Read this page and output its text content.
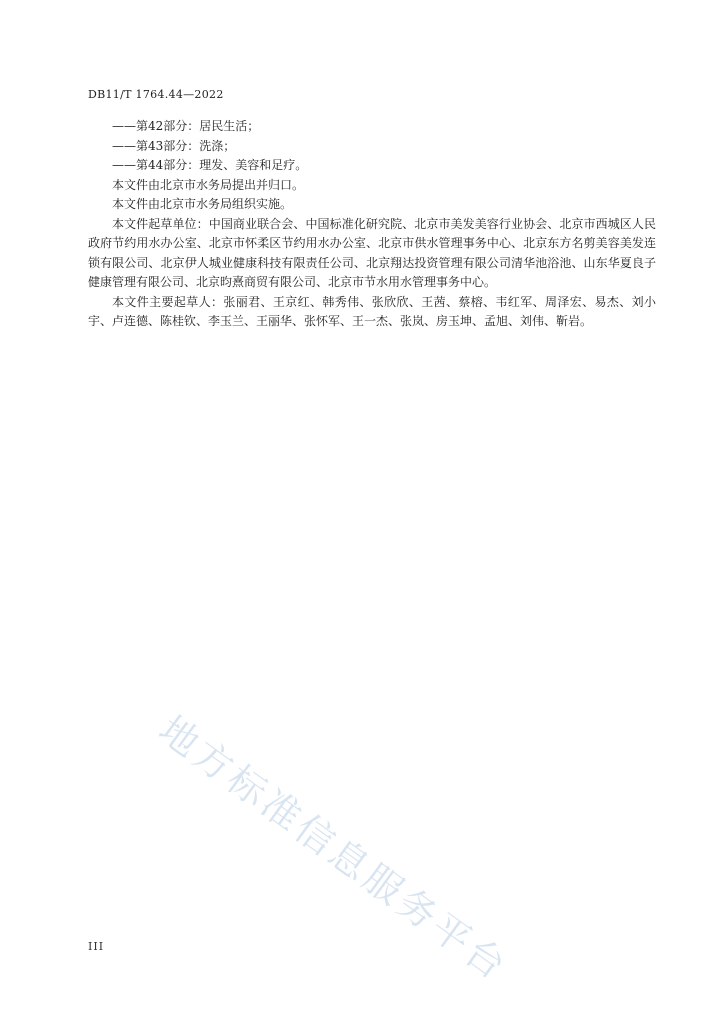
DB11/T 1764.44—2022

——第42部分：居民生活；

——第43部分：洗涤；

——第44部分：理发、美容和足疗。

本文件由北京市水务局提出并归口。

本文件由北京市水务局组织实施。

本文件起草单位：中国商业联合会、中国标准化研究院、北京市美发美容行业协会、北京市西城区人民政府节约用水办公室、北京市怀柔区节约用水办公室、北京市供水管理事务中心、北京东方名剪美容美发连锁有限公司、北京伊人城业健康科技有限责任公司、北京翔达投资管理有限公司清华池浴池、山东华夏良子健康管理有限公司、北京昀熹商贸有限公司、北京市节水用水管理事务中心。

本文件主要起草人：张丽君、王京红、韩秀伟、张欣欣、王茜、蔡榕、韦红军、周泽宏、易杰、刘小宇、卢连德、陈桂钦、李玉兰、王丽华、张怀军、王一杰、张岚、房玉坤、孟旭、刘伟、靳岩。

地方标准信息服务平台
III
